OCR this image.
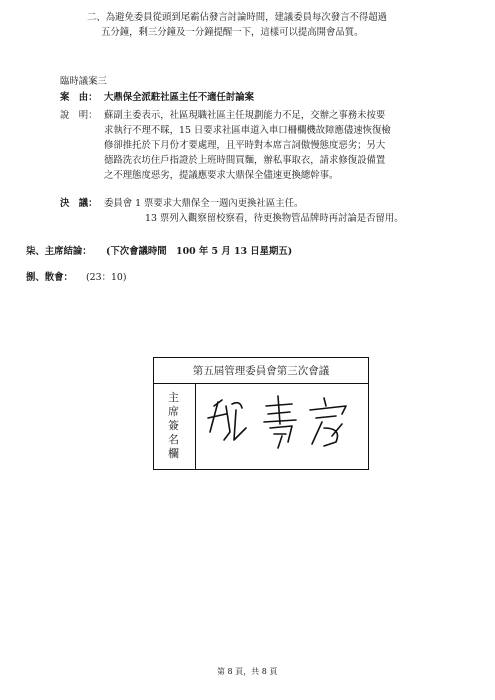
二、為避免委員從頭到尾霸佔發言討論時間，建議委員每次發言不得超過
五分鐘，剩三分鐘及一分鐘提醒一下，這樣可以提高開會品質。
臨時議案三
案　由： 大鼎保全派駐社區主任不適任討論案
說　明： 蘇副主委表示，社區現職社區主任規劃能力不足，交辦之事務未按要
求執行不理不睬，15 日要求社區車道入車口柵欄機故障應儘速恢復檢
修卻推托於下月份才要處理，且平時對本席言詞傲慢態度惡劣；另大
德路洗衣坊住戶指證於上班時間買麵，辦私事取衣，請求修復設備置
之不理態度惡劣，提議應要求大鼎保全儘速更換總幹事。
決　議： 委員會 1 票要求大鼎保全一週內更換社區主任。
13 票列入觀察留校察看，待更換物管品牌時再討論是否留用。
柒、主席結論： (下次會議時間　100 年 5 月 13 日星期五)
捌、散會： (23：10)
第五屆管理委員會第三次會議
主
席
簽
名
欄
第 8 頁，共 8 頁
